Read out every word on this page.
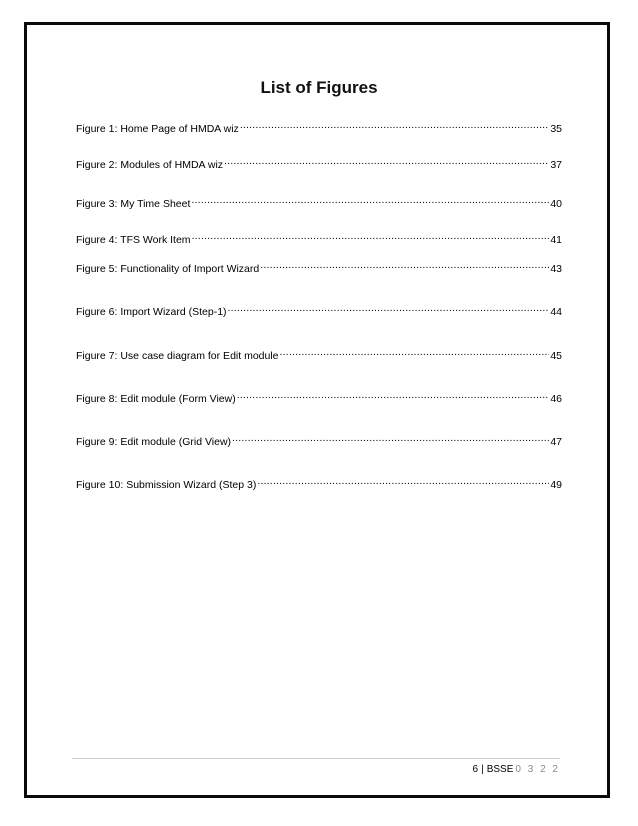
List of Figures
Figure 1: Home Page of HMDA wiz .....	35
Figure 2: Modules of HMDA wiz .....	37
Figure 3: My Time Sheet .....	40
Figure 4: TFS Work Item .....	41
Figure 5: Functionality of Import Wizard .....	43
Figure 6: Import Wizard (Step-1) .....	44
Figure 7: Use case diagram for Edit module .....	45
Figure 8: Edit module (Form View) .....	46
Figure 9: Edit module (Grid View) .....	47
Figure 10: Submission Wizard (Step 3) .....	49
6 | BSSE 0 3 2 2
